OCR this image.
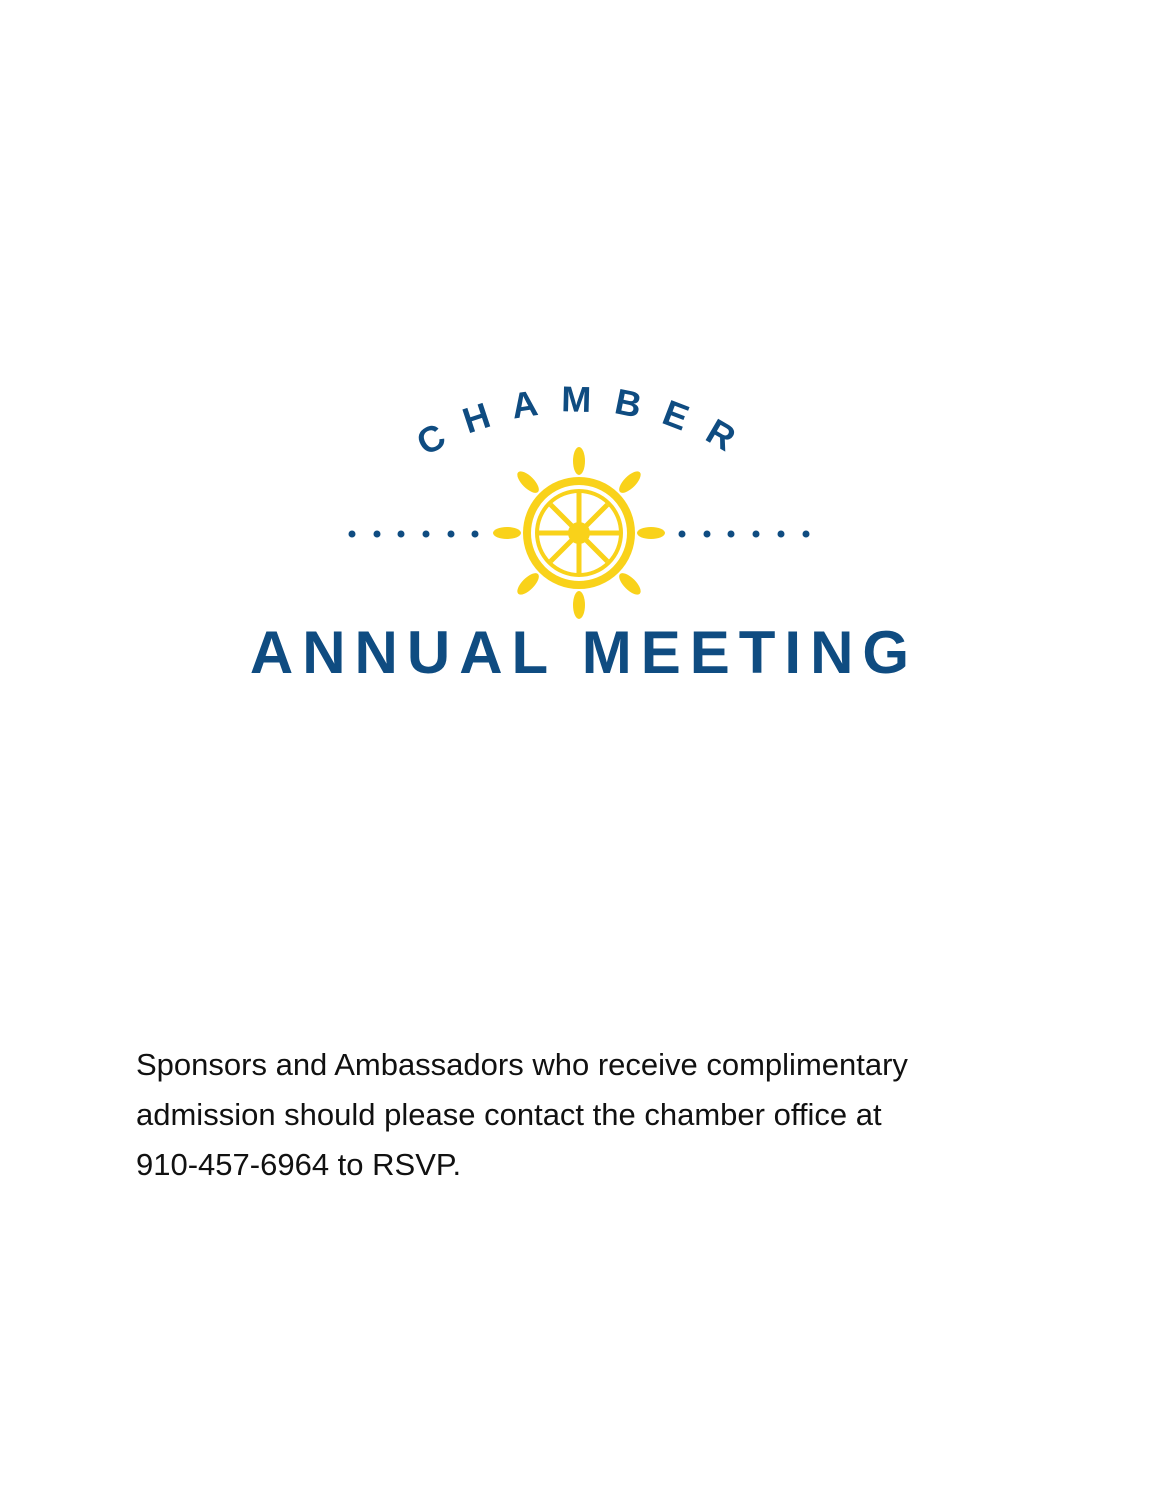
CHAMBER
ANNUAL MEETING
Sponsors and Ambassadors who receive complimentary
admission should please contact the chamber office at
910-457-6964 to RSVP.
